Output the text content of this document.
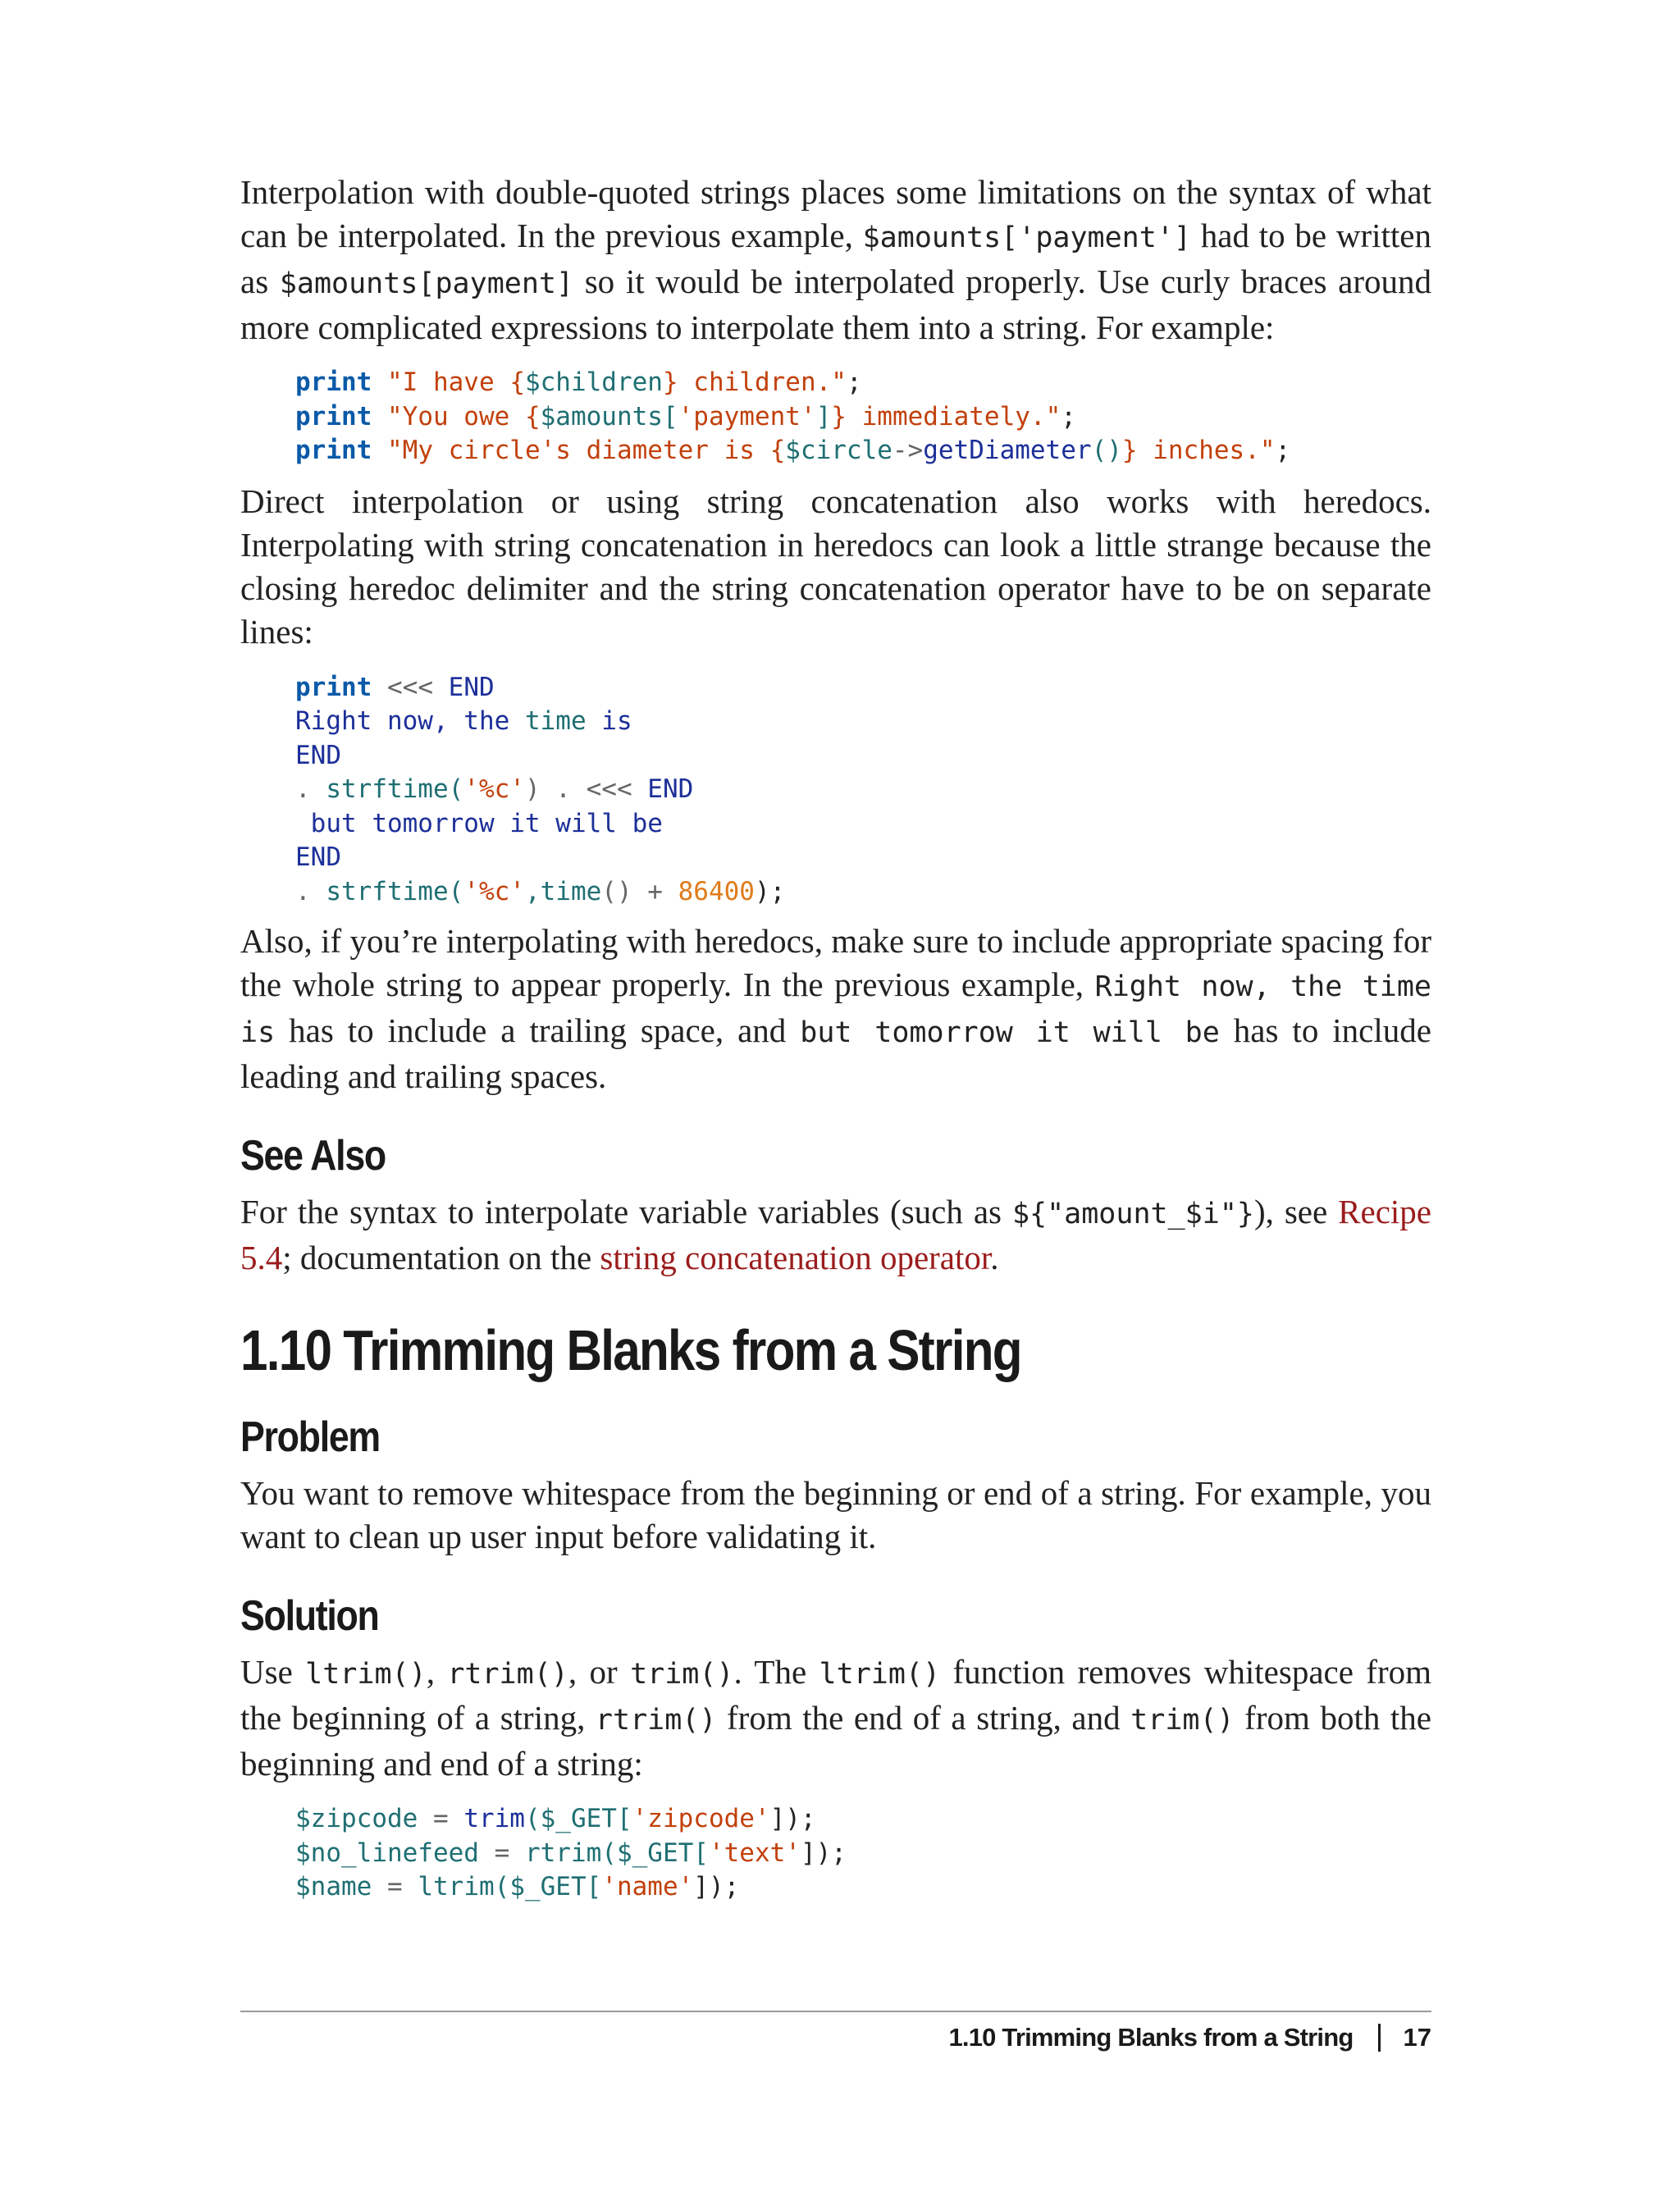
Interpolation with double-quoted strings places some limitations on the syntax of what can be interpolated. In the previous example, $amounts['payment'] had to be written as $amounts[payment] so it would be interpolated properly. Use curly braces around more complicated expressions to interpolate them into a string. For example:

print "I have {$children} children.";
print "You owe {$amounts['payment']} immediately.";
print "My circle's diameter is {$circle->getDiameter()} inches.";

Direct interpolation or using string concatenation also works with heredocs. Interpolating with string concatenation in heredocs can look a little strange because the closing heredoc delimiter and the string concatenation operator have to be on separate lines:

print <<< END
Right now, the time is
END
. strftime('%c') . <<< END
but tomorrow it will be
END
. strftime('%c',time() + 86400);

Also, if you’re interpolating with heredocs, make sure to include appropriate spacing for the whole string to appear properly. In the previous example, Right now, the time is has to include a trailing space, and but tomorrow it will be has to include leading and trailing spaces.

See Also

For the syntax to interpolate variable variables (such as ${"amount_$i"}), see Recipe 5.4; documentation on the string concatenation operator.

1.10 Trimming Blanks from a String
Problem

You want to remove whitespace from the beginning or end of a string. For example, you want to clean up user input before validating it.

Solution

Use ltrim(), rtrim(), or trim(). The ltrim() function removes whitespace from the beginning of a string, rtrim() from the end of a string, and trim() from both the beginning and end of a string:

$zipcode = trim($_GET['zipcode']);
$no_linefeed = rtrim($_GET['text']);
$name = ltrim($_GET['name']);
1.10 Trimming Blanks from a String 17
